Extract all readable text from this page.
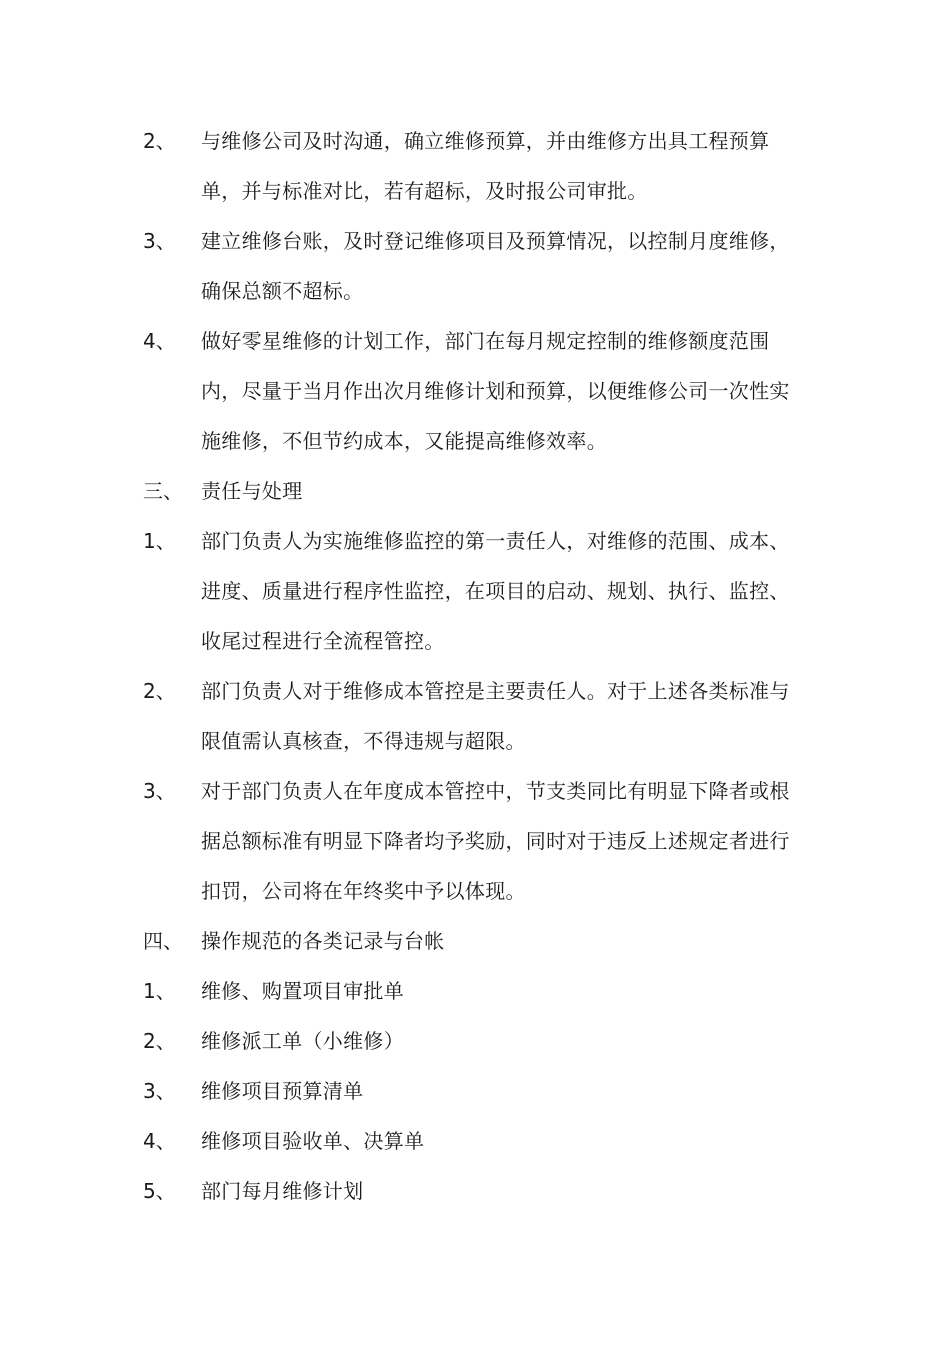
2、	与维修公司及时沟通，确立维修预算，并由维修方出具工程预算单，并与标准对比，若有超标，及时报公司审批。
3、	建立维修台账，及时登记维修项目及预算情况，以控制月度维修，确保总额不超标。
4、	做好零星维修的计划工作，部门在每月规定控制的维修额度范围内，尽量于当月作出次月维修计划和预算，以便维修公司一次性实施维修，不但节约成本，又能提高维修效率。
三、 责任与处理
1、	部门负责人为实施维修监控的第一责任人，对维修的范围、成本、进度、质量进行程序性监控，在项目的启动、规划、执行、监控、收尾过程进行全流程管控。
2、	部门负责人对于维修成本管控是主要责任人。对于上述各类标准与限值需认真核查，不得违规与超限。
3、	对于部门负责人在年度成本管控中，节支类同比有明显下降者或根据总额标准有明显下降者均予奖励，同时对于违反上述规定者进行扣罚，公司将在年终奖中予以体现。
四、 操作规范的各类记录与台帐
1、	维修、购置项目审批单
2、	维修派工单（小维修）
3、	维修项目预算清单
4、	维修项目验收单、决算单
5、	部门每月维修计划
